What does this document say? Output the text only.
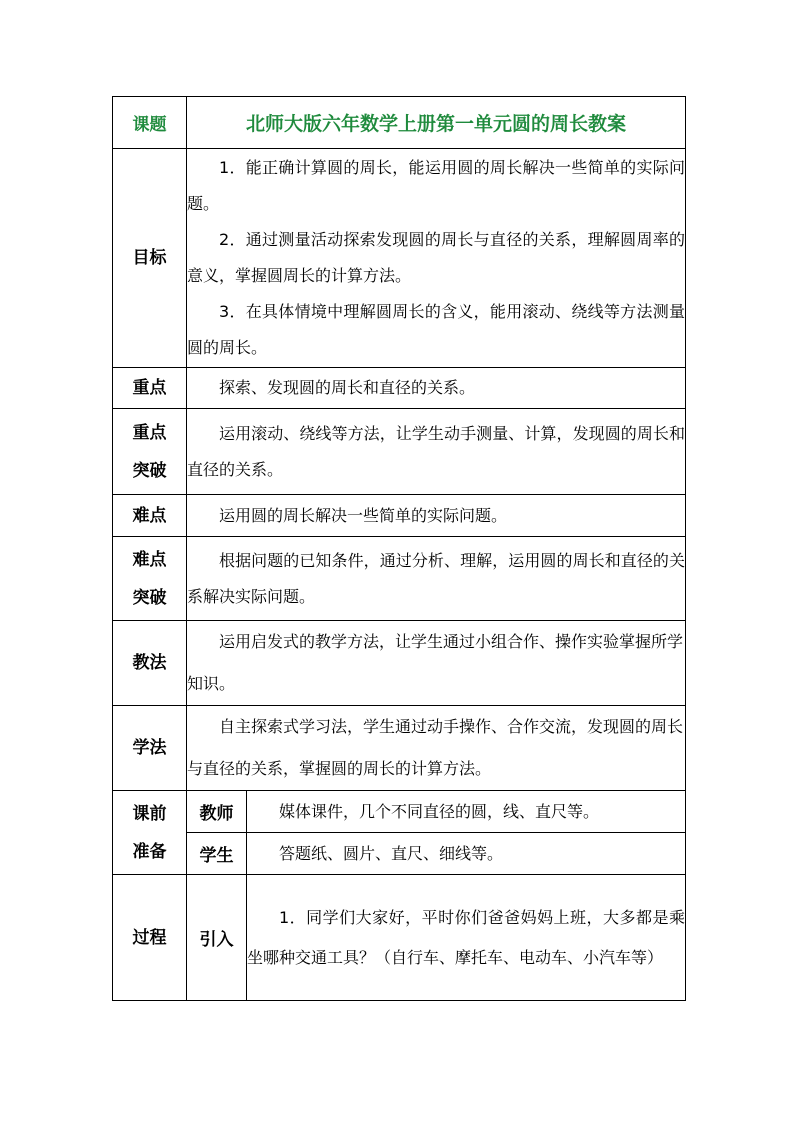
课题	北师大版六年数学上册第一单元圆的周长教案	
目标	1．能正确计算圆的周长，能运用圆的周长解决一些简单的实际问题。

2．通过测量活动探索发现圆的周长与直径的关系，理解圆周率的意义，掌握圆周长的计算方法。

3．在具体情境中理解圆周长的含义，能用滚动、绕线等方法测量圆的周长。	

重点	探索、发现圆的周长和直径的关系。	

重点
突破	运用滚动、绕线等方法，让学生动手测量、计算，发现圆的周长和直径的关系。	

难点	运用圆的周长解决一些简单的实际问题。	

难点
突破	根据问题的已知条件，通过分析、理解，运用圆的周长和直径的关系解决实际问题。	

教法	运用启发式的教学方法，让学生通过小组合作、操作实验掌握所学知识。	

学法	自主探索式学习法，学生通过动手操作、合作交流，发现圆的周长与直径的关系，掌握圆的周长的计算方法。	

课前
准备	教师	媒体课件，几个不同直径的圆，线、直尺等。

	学生	答题纸、圆片、直尺、细线等。

过程	引入	1．同学们大家好，平时你们爸爸妈妈上班，大多都是乘坐哪种交通工具？（自行车、摩托车、电动车、小汽车等）
